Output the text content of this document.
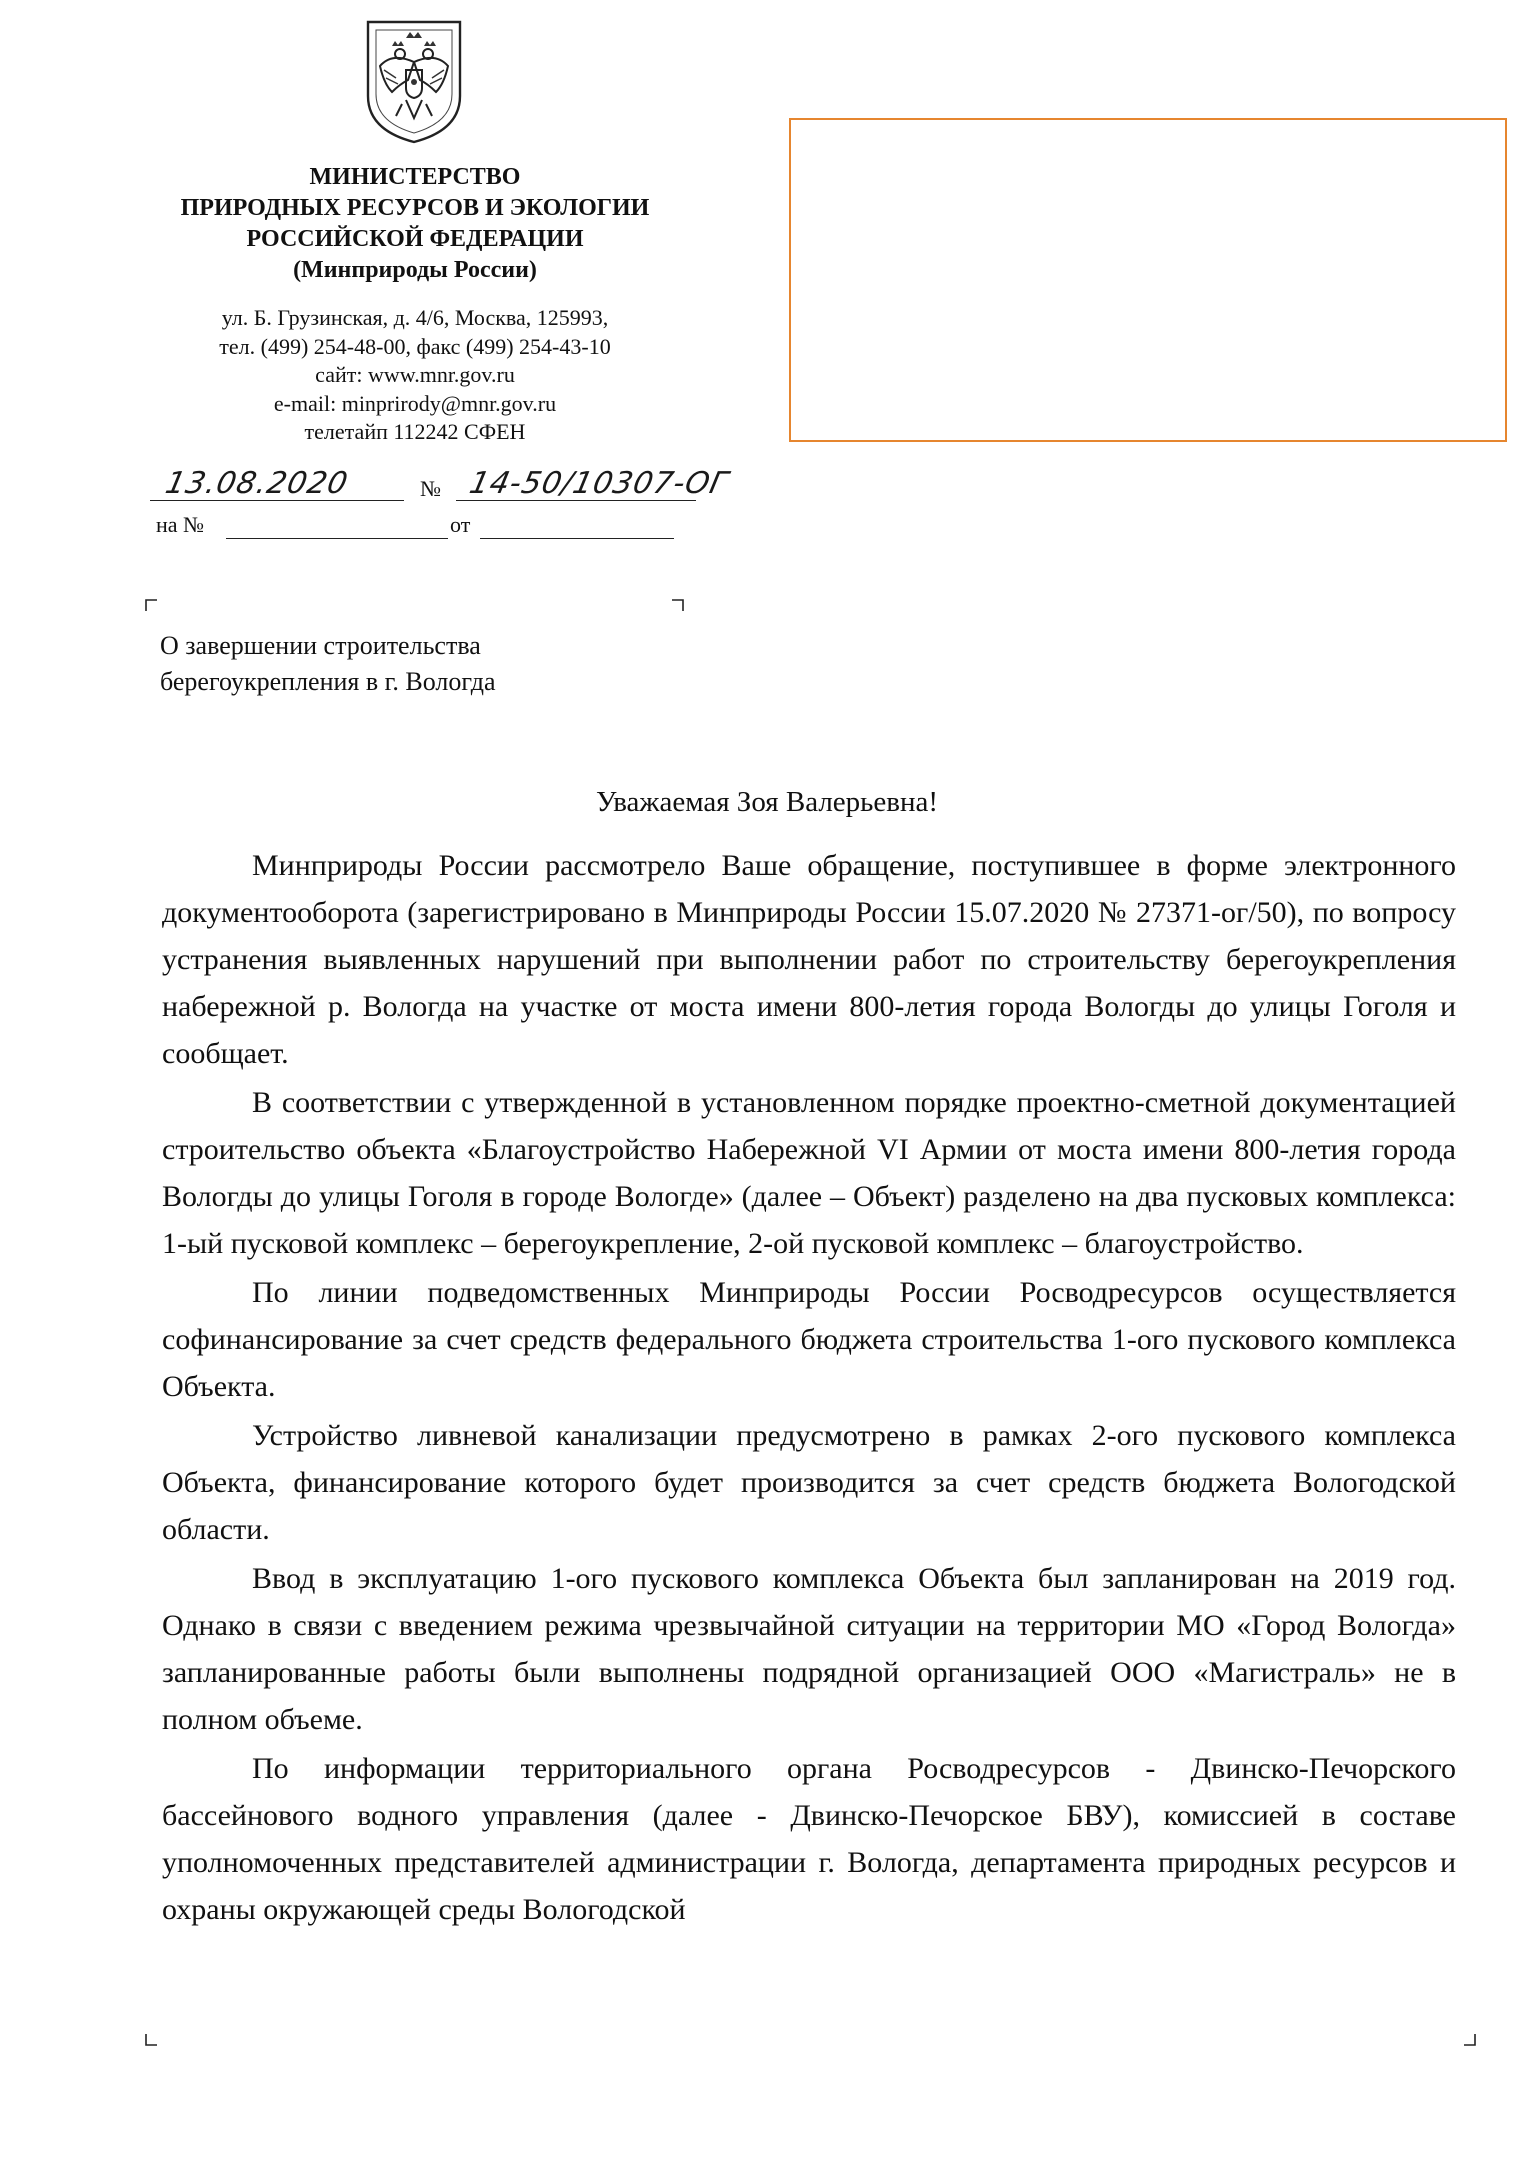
МИНИСТЕРСТВО
ПРИРОДНЫХ РЕСУРСОВ И ЭКОЛОГИИ
РОССИЙСКОЙ ФЕДЕРАЦИИ
(Минприроды России)
ул. Б. Грузинская, д. 4/6, Москва, 125993,
тел. (499) 254-48-00, факс (499) 254-43-10
сайт: www.mnr.gov.ru
e-mail: minprirody@mnr.gov.ru
телетайп 112242 СФЕН
13.08.2020	№ 14-50/10307-ОГ
на №	от
О завершении строительства
берегоукрепления в г. Вологда
Уважаемая Зоя Валерьевна!

Минприроды России рассмотрело Ваше обращение, поступившее в форме электронного документооборота (зарегистрировано в Минприроды России 15.07.2020 № 27371-ог/50), по вопросу устранения выявленных нарушений при выполнении работ по строительству берегоукрепления набережной р. Вологда на участке от моста имени 800-летия города Вологды до улицы Гоголя и сообщает.

В соответствии с утвержденной в установленном порядке проектно-сметной документацией строительство объекта «Благоустройство Набережной VI Армии от моста имени 800-летия города Вологды до улицы Гоголя в городе Вологде» (далее – Объект) разделено на два пусковых комплекса: 1-ый пусковой комплекс – берегоукрепление, 2-ой пусковой комплекс – благоустройство.

По линии подведомственных Минприроды России Росводресурсов осуществляется софинансирование за счет средств федерального бюджета строительства 1-ого пускового комплекса Объекта.

Устройство ливневой канализации предусмотрено в рамках 2-ого пускового комплекса Объекта, финансирование которого будет производится за счет средств бюджета Вологодской области.

Ввод в эксплуатацию 1-ого пускового комплекса Объекта был запланирован на 2019 год. Однако в связи с введением режима чрезвычайной ситуации на территории МО «Город Вологда» запланированные работы были выполнены подрядной организацией ООО «Магистраль» не в полном объеме.

По информации территориального органа Росводресурсов - Двинско-Печорского бассейнового водного управления (далее - Двинско-Печорское БВУ), комиссией в составе уполномоченных представителей администрации г. Вологда, департамента природных ресурсов и охраны окружающей среды Вологодской
